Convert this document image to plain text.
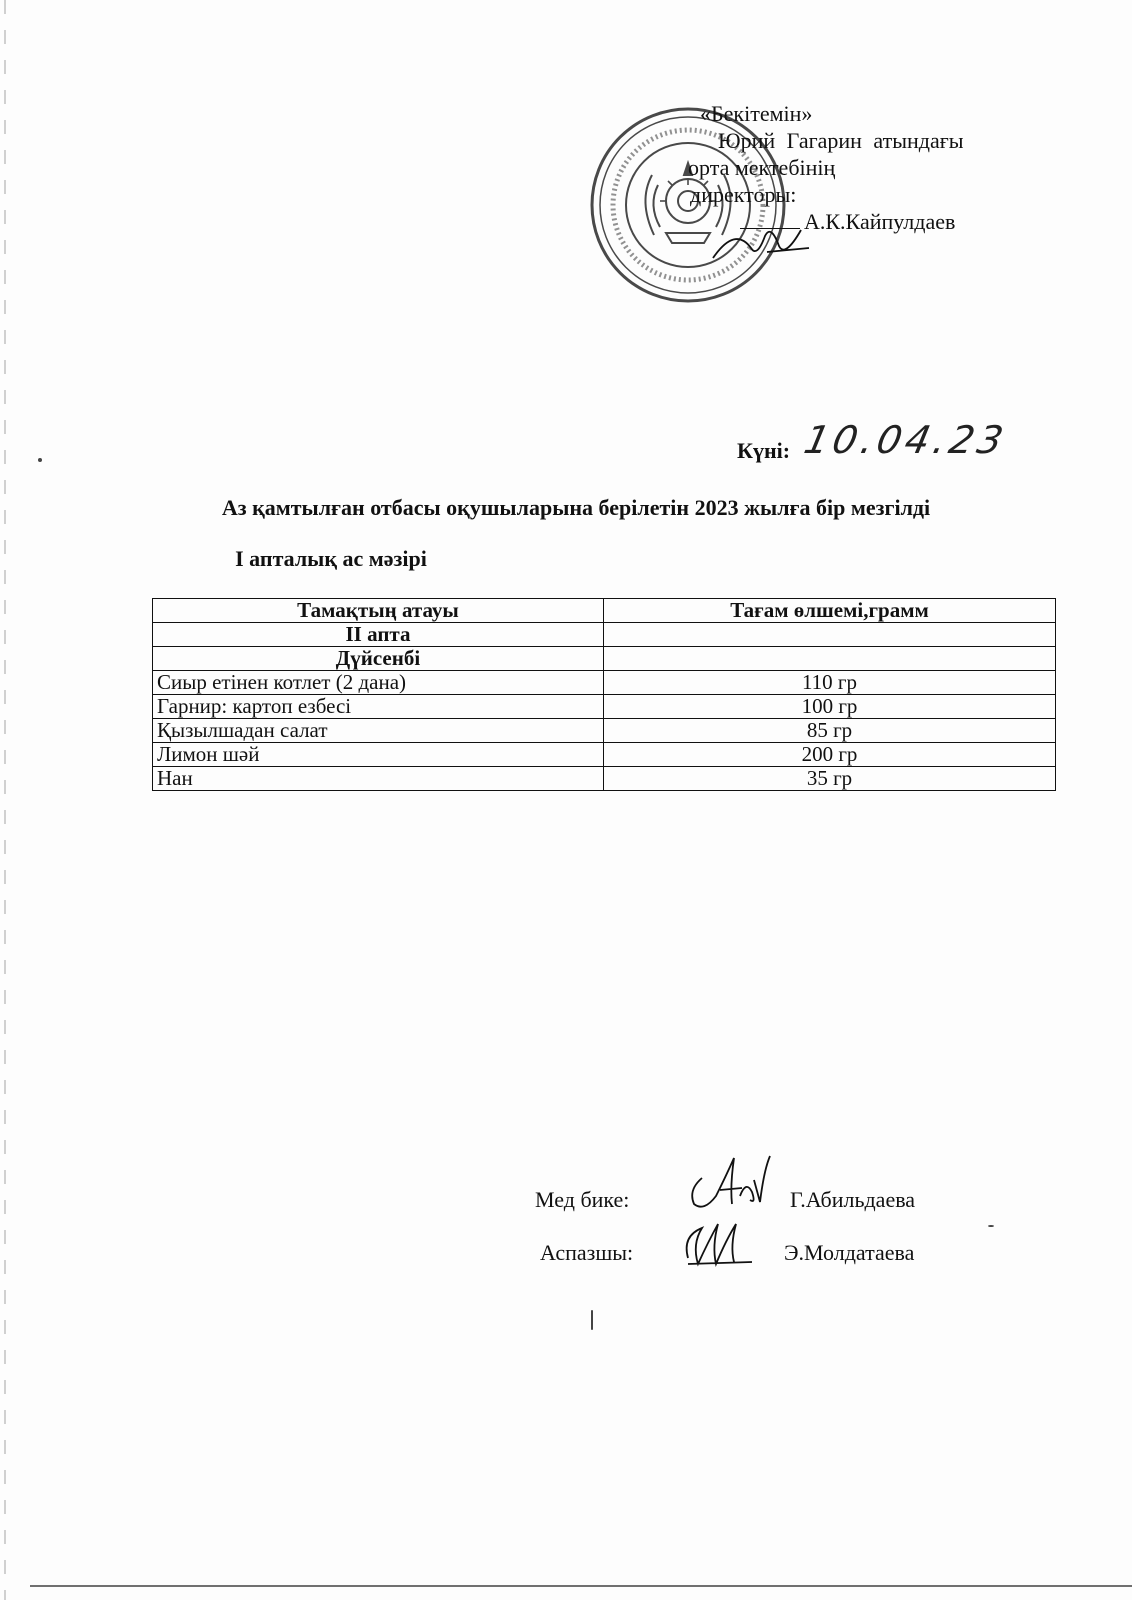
«Бекітемін»
Юрий Гагарин атындағы
орта мектебінің
директоры:
А.К.Кайпулдаев
Күні: 10.04.23
Аз қамтылған отбасы оқушыларына берілетін 2023 жылға бір мезгілді
I апталық ас мәзірі
Тамақтың атауы	Тағам өлшемі,грамм
II апта	
Дүйсенбі	
Сиыр етінен котлет (2 дана)	110 гр
Гарнир: картоп езбесі	100 гр
Қызылшадан салат	85 гр
Лимон шәй	200 гр
Нан	35 гр
Мед бике:	Г.Абильдаева
Аспазшы:	Э.Молдатаева
